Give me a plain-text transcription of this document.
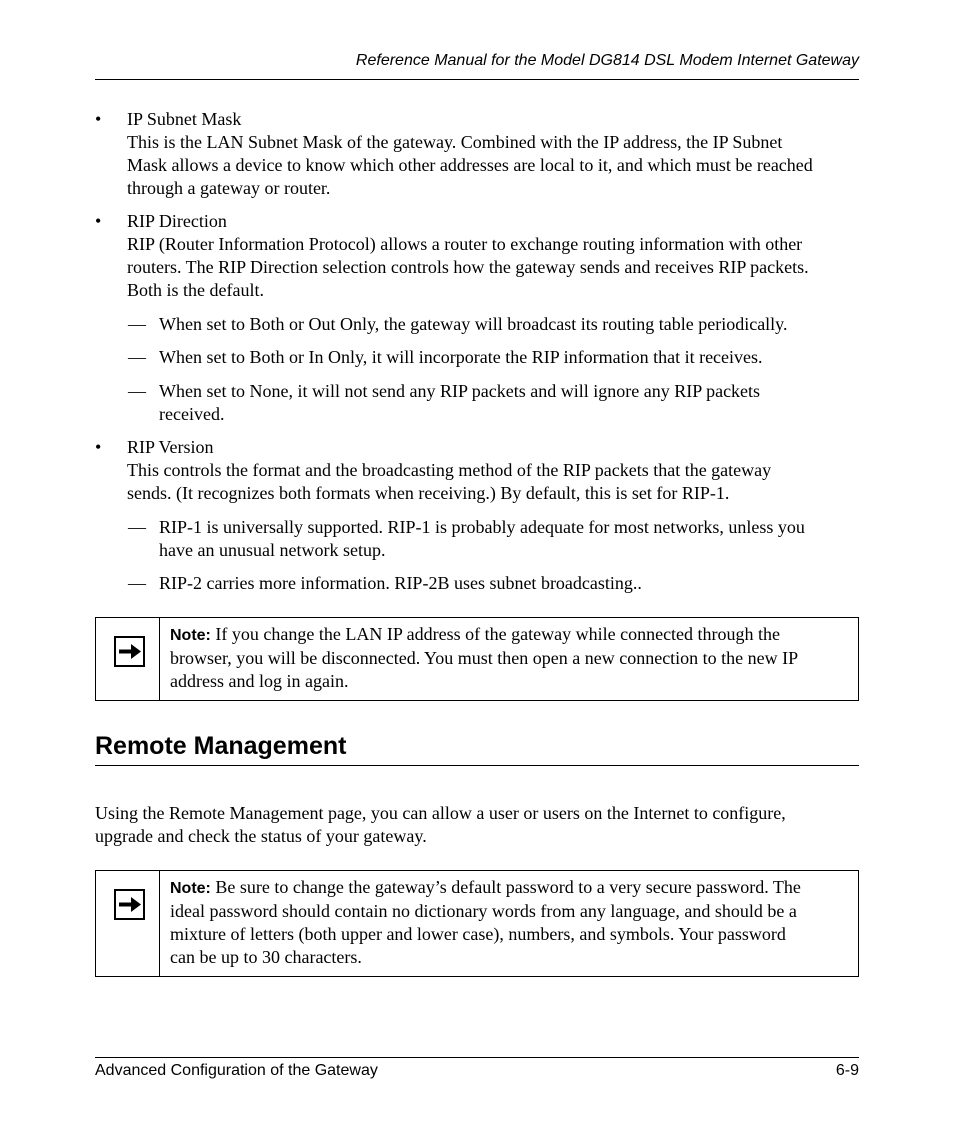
Reference Manual for the Model DG814 DSL Modem Internet Gateway
•	IP Subnet Mask
This is the LAN Subnet Mask of the gateway. Combined with the IP address, the IP Subnet
Mask allows a device to know which other addresses are local to it, and which must be reached
through a gateway or router.
•	RIP Direction
RIP (Router Information Protocol) allows a router to exchange routing information with other
routers. The RIP Direction selection controls how the gateway sends and receives RIP packets.
Both is the default.
— When set to Both or Out Only, the gateway will broadcast its routing table periodically.
— When set to Both or In Only, it will incorporate the RIP information that it receives.
— When set to None, it will not send any RIP packets and will ignore any RIP packets
received.
•	RIP Version
This controls the format and the broadcasting method of the RIP packets that the gateway
sends. (It recognizes both formats when receiving.) By default, this is set for RIP-1.
— RIP-1 is universally supported. RIP-1 is probably adequate for most networks, unless you
have an unusual network setup.
— RIP-2 carries more information. RIP-2B uses subnet broadcasting..
Note: If you change the LAN IP address of the gateway while connected through the
browser, you will be disconnected. You must then open a new connection to the new IP
address and log in again.
Remote Management
Using the Remote Management page, you can allow a user or users on the Internet to configure,
upgrade and check the status of your gateway.
Note: Be sure to change the gateway’s default password to a very secure password. The
ideal password should contain no dictionary words from any language, and should be a
mixture of letters (both upper and lower case), numbers, and symbols. Your password
can be up to 30 characters.
Advanced Configuration of the Gateway	6-9
